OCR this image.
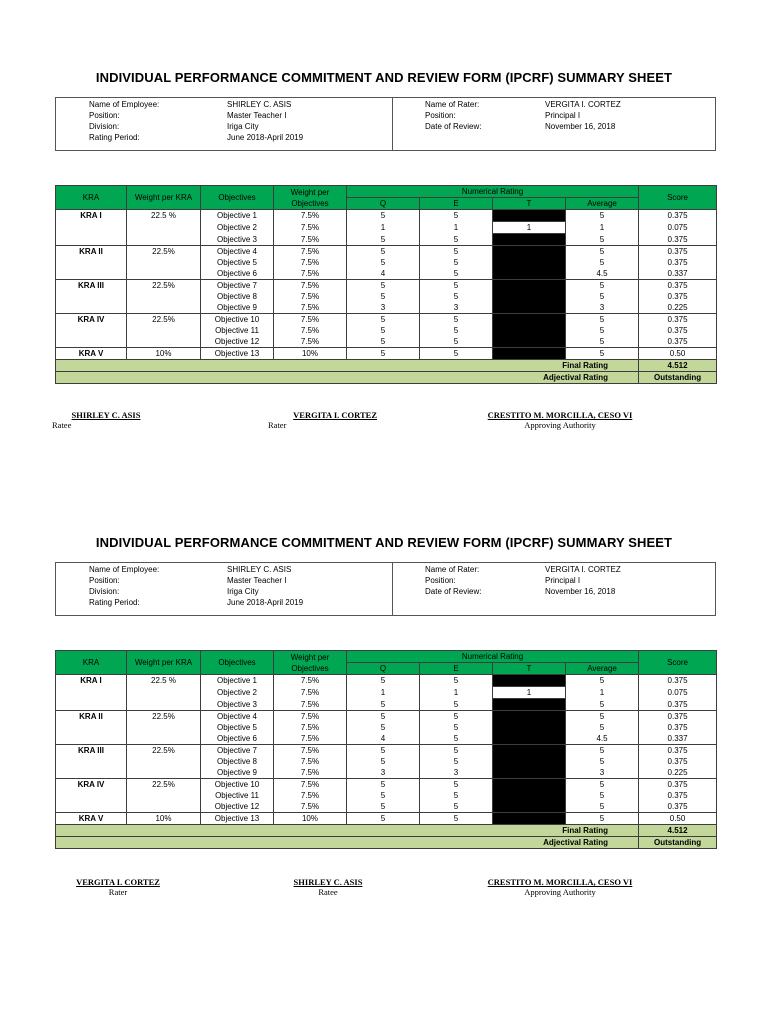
INDIVIDUAL PERFORMANCE COMMITMENT AND REVIEW FORM (IPCRF) SUMMARY SHEET
Name of Employee:	SHIRLEY C. ASIS
Position:	Master Teacher I
Division:	Iriga City
Rating Period:	June 2018-April 2019
Name of Rater:	VERGITA I. CORTEZ
Position:	Principal I
Date of Review:	November 16, 2018
KRA	Weight per KRA	Objectives	Weight per
Objectives	Numerical Rating				Score
				Q	E	T	Average	
KRA I	22.5 %	Objective 1	7.5%	5	5		5	0.375
		Objective 2	7.5%	1	1	1	1	0.075
		Objective 3	7.5%	5	5		5	0.375
KRA II	22.5%	Objective 4	7.5%	5	5		5	0.375
		Objective 5	7.5%	5	5		5	0.375
		Objective 6	7.5%	4	5		4.5	0.337
KRA III	22.5%	Objective 7	7.5%	5	5		5	0.375
		Objective 8	7.5%	5	5		5	0.375
		Objective 9	7.5%	3	3		3	0.225
KRA IV	22.5%	Objective 10	7.5%	5	5		5	0.375
		Objective 11	7.5%	5	5		5	0.375
		Objective 12	7.5%	5	5		5	0.375
KRA V	10%	Objective 13	10%	5	5		5	0.50
Final Rating								4.512
Adjectival Rating								Outstanding
INDIVIDUAL PERFORMANCE COMMITMENT AND REVIEW FORM (IPCRF) SUMMARY SHEET
Name of Employee:	SHIRLEY C. ASIS
Position:	Master Teacher I
Division:	Iriga City
Rating Period:	June 2018-April 2019
Name of Rater:	VERGITA I. CORTEZ
Position:	Principal I
Date of Review:	November 16, 2018
KRA	Weight per KRA	Objectives	Weight per
Objectives	Numerical Rating				Score
				Q	E	T	Average	
KRA I	22.5 %	Objective 1	7.5%	5	5		5	0.375
		Objective 2	7.5%	1	1	1	1	0.075
		Objective 3	7.5%	5	5		5	0.375
KRA II	22.5%	Objective 4	7.5%	5	5		5	0.375
		Objective 5	7.5%	5	5		5	0.375
		Objective 6	7.5%	4	5		4.5	0.337
KRA III	22.5%	Objective 7	7.5%	5	5		5	0.375
		Objective 8	7.5%	5	5		5	0.375
		Objective 9	7.5%	3	3		3	0.225
KRA IV	22.5%	Objective 10	7.5%	5	5		5	0.375
		Objective 11	7.5%	5	5		5	0.375
		Objective 12	7.5%	5	5		5	0.375
KRA V	10%	Objective 13	10%	5	5		5	0.50
Final Rating								4.512
Adjectival Rating								Outstanding
SHIRLEY C. ASIS
Ratee
VERGITA I. CORTEZ
Rater
CRESTITO M. MORCILLA, CESO VI
Approving Authority
VERGITA I. CORTEZ
Rater
SHIRLEY C. ASIS
Ratee
CRESTITO M. MORCILLA, CESO VI
Approving Authority
